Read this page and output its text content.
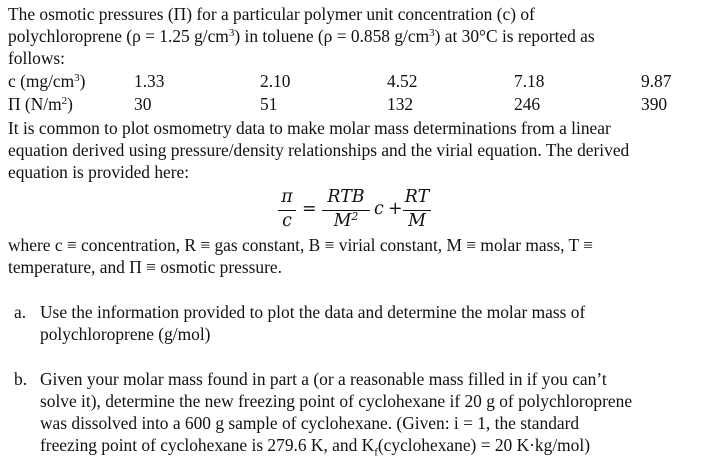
The osmotic pressures (Π) for a particular polymer unit concentration (c) of
polychloroprene (ρ = 1.25 $g/cm^3$) in toluene (ρ = 0.858 $g/cm^3$) at 30°C is reported as
follows:
c $(mg/cm^3)$	1.33	2.10	4.52	7.18	9.87
Π $(N/m^2)$	30	51	132	246	390
It is common to plot osmometry data to make molar mass determinations from a linear
equation derived using pressure/density relationships and the virial equation. The derived
equation is provided here:
π
c
=
RTB
$M^2$ c +
RT
M
where c ≡ concentration, R ≡ gas constant, B ≡ virial constant, M ≡ molar mass, T ≡
temperature, and Π ≡ osmotic pressure.
a. Use the information provided to plot the data and determine the molar mass of
polychloroprene (g/mol)
b. Given your molar mass found in part a (or a reasonable mass filled in if you can’t
solve it), determine the new freezing point of cyclohexane if 20 g of polychloroprene
was dissolved into a 600 g sample of cyclohexane. (Given: i = 1, the standard
freezing point of cyclohexane is 279.6 K, and $K_f(cyclohexane) = 20$ K·kg/mol)
